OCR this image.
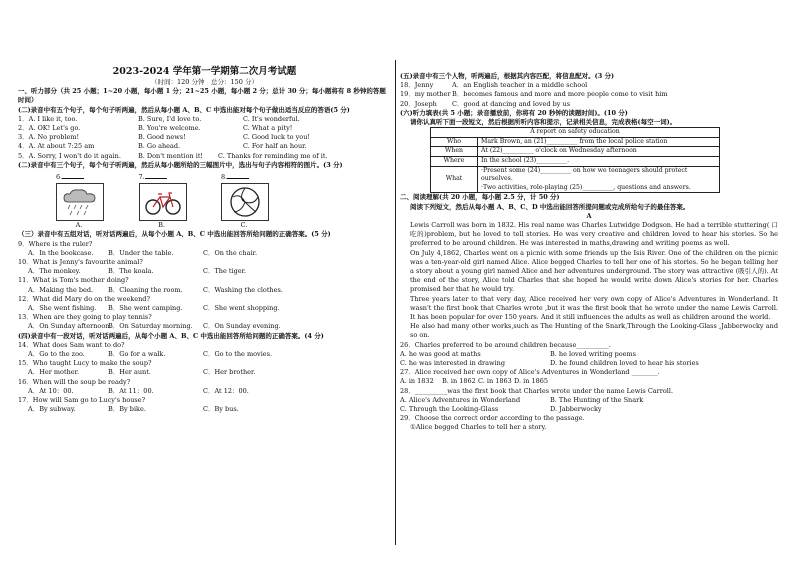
2023-2024 学年第一学期第二次月考试题
（时间：120 分钟　总分：150 分）
一、听力部分（共 25 小题；1~20 小题，每小题 1 分；21~25 小题，每小题 2 分；总计 30 分；每小题将有 8 秒钟的答题时间）
(二)录音中有五个句子，每个句子听两遍，然后从每小题 A、B、C 中选出能对每个句子做出适当反应的答语(5 分)
1．A. I like it, too.	B. Sure, I'd love to.	C. It's wonderful.
2．A. OK! Let's go.	B. You're welcome.	C. What a pity!
3．A. No problem!	B. Good news!	C. Good luck to you!
4．A. At about 7:25 am	B. Go ahead.	C. For half an hour.
5．A. Sorry, I won't do it again.	B. Don't mention it!	C. Thanks for reminding me of it.
(二)录音中有三个句子，每个句子听两遍，然后从每小题所给的三幅图片中，选出与句子内容相符的图片。(3 分)
6.
A.
7.
B.
8.
C.
（三）录音中有五组对话，听对话两遍后，从每个小题 A、B、C 中选出能回答所给问题的正确答案。(5 分)
9．Where is the ruler?
A．In the bookcase.	B．Under the table.	C．On the chair.
10．What is Jenny's favourite animal?
A．The monkey.	B．The koala.	C．The tiger.
11．What is Tom's mother doing?
A．Making the bed.	B．Cleaning the room.	C．Washing the clothes.
12．What did Mary do on the weekend?
A．She went fishing.	B．She went camping.	C．She went shopping.
13．When are they going to play tennis?
A．On Sunday afternoon.
B．On Saturday morning.	C．On Sunday evening.
(四)录音中有一段对话，听对话两遍后，从每个小题 A、B、C 中选出能回答所给问题的正确答案。(4 分)
14．What does Sam want to do?
A．Go to the zoo.	B．Go for a walk.	C．Go to the movies.
15．Who taught Lucy to make the soup?
A．Her mother.	B．Her aunt.	C．Her brother.
16．When will the soup be ready?
A．At 10：00.	B．At 11：00.	C．At 12：00.
17．How will Sam go to Lucy's house?
A．By subway.	B．By bike.	C．By bus.
(五)录音中有三个人物，听两遍后，根据其内容匹配，将信息配对。(3 分)
18．Jenny	A．an English teacher in a middle school
19．my mother B．becomes famous and more and more people come to visit him
20．Joseph	C．good at dancing and loved by us
(六)听力填表(共 5 小题；录音播放前，你将有 20 秒钟的读题时间)。(10 分)
请你认真听下面一段短文，然后根据所听内容和提示，记录相关信息，完成表格(每空一词)。
A report on safety education	
Who	Mark Brown, an (21)__________ from the local police station
When	At (22)__________ o'clock on Wednesday afternoon
Where	In the school (23)__________.
What	·Present some (24)__________ on how we teenagers should protect ourselves.
·Two activities, role-playing (25)__________, questions and answers.
二、阅读理解(共 20 小题，每小题 2.5 分，计 50 分)
阅读下列短文，然后从每小题 A、B、C、D 中选出能回答所提问题或完成所给句子的最佳答案。
A
Lewis Carroll was born in 1832. His real name was Charles Lutwidge Dodgson. He had a terrible stuttering( 口吃的)problem, but he loved to tell stories. He was very creative and children loved to hear his stories. So he preferred to be around children. He was interested in maths,drawing and writing poems as well.
On July 4,1862, Charles went on a picnic with some friends up the Isis River. One of the children on the picnic was a ten-year-old girl named Alice. Alice begged Charles to tell her one of his stories. So he began telling her a story about a young girl named Alice and her adventures underground. The story was attractive (吸引人的). At the end of the story, Alice told Charles that she hoped he would write down Alice's stories for her. Charles promised her that he would try.
Three years later to that very day, Alice received her very own copy of Alice's Adventures in Wonderland. It wasn't the first book that Charles wrote ,but it was the first book that he wrote under the name Lewis Carroll. It has been popular for over 150 years. And it still influences the adults as well as children around the world.
He also had many other works,such as The Hunting of the Snark,Through the Looking-Glass ,Jabberwocky and so on.
26．Charles preferred to be around children because__________.
A. he was good at maths	B. he loved writing poems
C. he was interested in drawing	D. he found children loved to hear his stories
27．Alice received her own copy of Alice's Adventures in Wonderland ________.
A. in 1832	B. in 1862 C. in 1863 D. in 1865
28．__________was the first book that Charles wrote under the name Lewis Carroll.
A. Alice's Adventures in Wonderland	B. The Hunting of the Snark
C. Through the Looking-Glass	D. Jabberwocky
29．Choose the correct order according to the passage.
①Alice begged Charles to tell her a story.
